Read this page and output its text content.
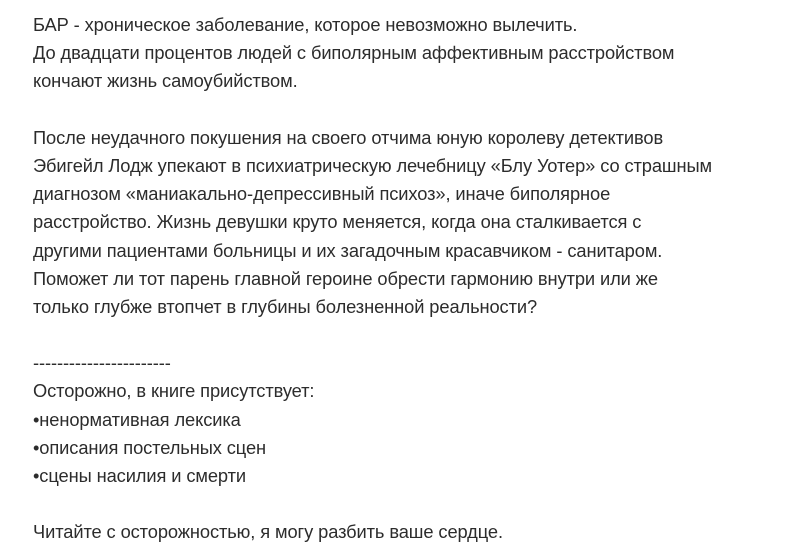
БАР - хроническое заболевание, которое невозможно вылечить.
До двадцати процентов людей с биполярным аффективным расстройством
кончают жизнь самоубийством.
После неудачного покушения на своего отчима юную королеву детективов
Эбигейл Лодж упекают в психиатрическую лечебницу «Блу Уотер» со страшным
диагнозом «маниакально-депрессивный психоз», иначе биполярное
расстройство. Жизнь девушки круто меняется, когда она сталкивается с
другими пациентами больницы и их загадочным красавчиком - санитаром.
Поможет ли тот парень главной героине обрести гармонию внутри или же
только глубже втопчет в глубины болезненной реальности?
-----------------------
Осторожно, в книге присутствует:
•ненормативная лексика
•описания постельных сцен
•сцены насилия и смерти
Читайте с осторожностью, я могу разбить ваше сердце.
